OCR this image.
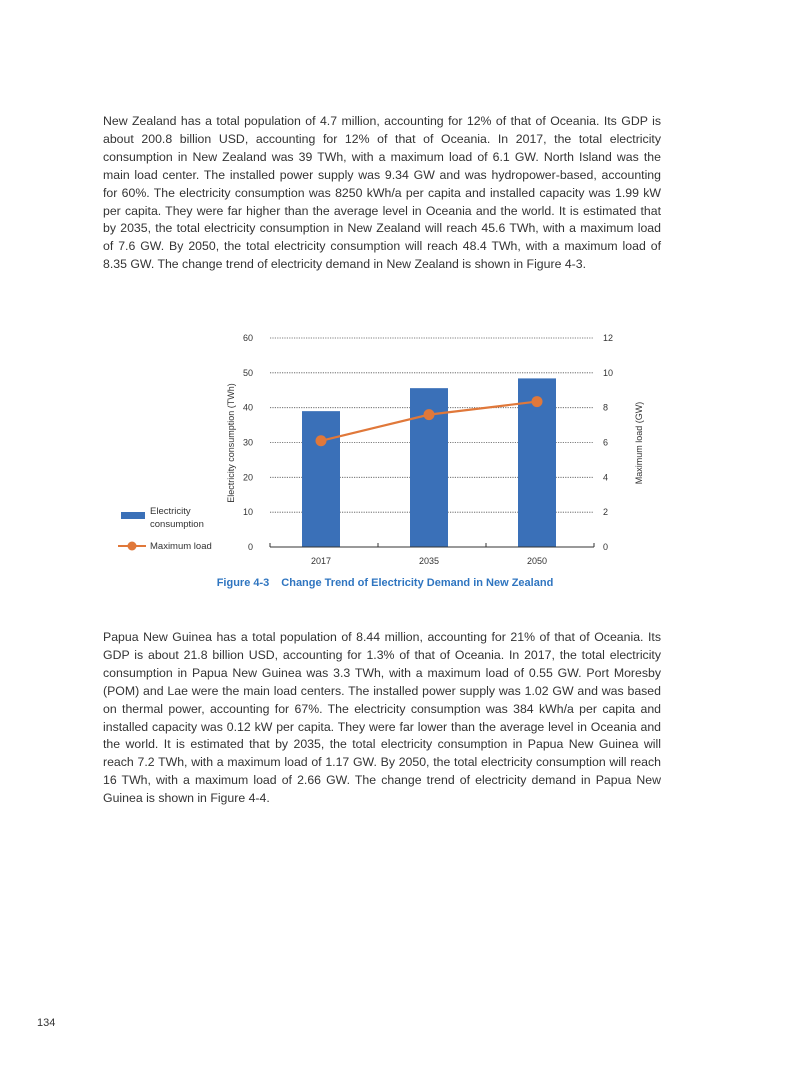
New Zealand has a total population of 4.7 million, accounting for 12% of that of Oceania. Its GDP is about 200.8 billion USD, accounting for 12% of that of Oceania. In 2017, the total electricity consumption in New Zealand was 39 TWh, with a maximum load of 6.1 GW. North Island was the main load center. The installed power supply was 9.34 GW and was hydropower-based, accounting for 60%. The electricity consumption was 8250 kWh/a per capita and installed capacity was 1.99 kW per capita. They were far higher than the average level in Oceania and the world. It is estimated that by 2035, the total electricity consumption in New Zealand will reach 45.6 TWh, with a maximum load of 7.6 GW. By 2050, the total electricity consumption will reach 48.4 TWh, with a maximum load of 8.35 GW. The change trend of electricity demand in New Zealand is shown in Figure 4-3.

0
10
20
30
40
50
60
0
2
4
6
8
10
12
2017	2035	2050
Electricity consumption (TWh)	Maximum load (GW)
Electricity
consumption
Maximum load
Figure 4-3 Change Trend of Electricity Demand in New Zealand

Papua New Guinea has a total population of 8.44 million, accounting for 21% of that of Oceania. Its GDP is about 21.8 billion USD, accounting for 1.3% of that of Oceania. In 2017, the total electricity consumption in Papua New Guinea was 3.3 TWh, with a maximum load of 0.55 GW. Port Moresby (POM) and Lae were the main load centers. The installed power supply was 1.02 GW and was based on thermal power, accounting for 67%. The electricity consumption was 384 kWh/a per capita and installed capacity was 0.12 kW per capita. They were far lower than the average level in Oceania and the world. It is estimated that by 2035, the total electricity consumption in Papua New Guinea will reach 7.2 TWh, with a maximum load of 1.17 GW. By 2050, the total electricity consumption will reach 16 TWh, with a maximum load of 2.66 GW. The change trend of electricity demand in Papua New Guinea is shown in Figure 4-4.

134
